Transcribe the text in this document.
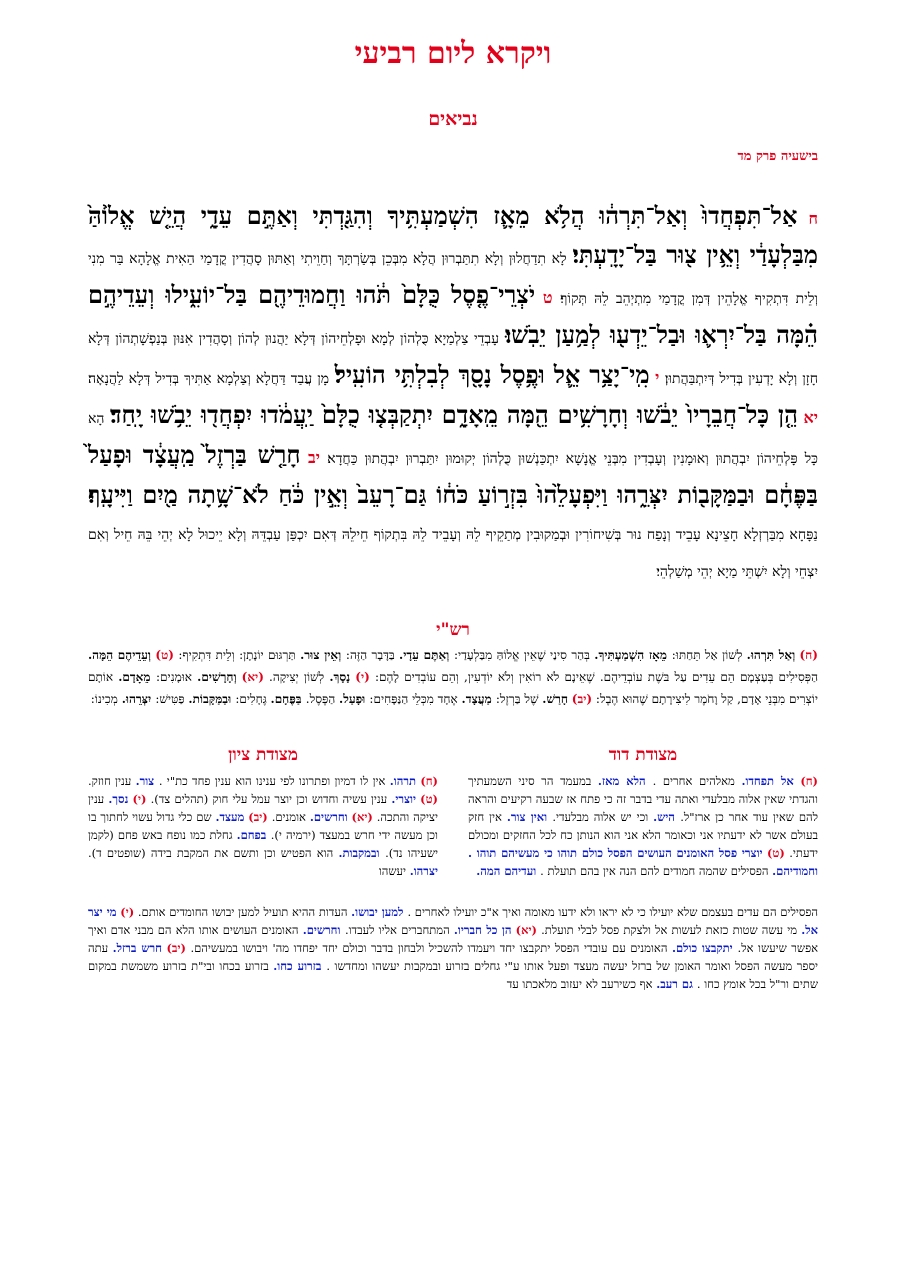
ויקרא ליום רביעי
נביאים
בישעיה פרק מד
ח אַל־תִּפְחֲדוּ֙ וְאַל־תִּרְה֔וּ הֲלֹ֥א מֵאָ֛ז הִשְׁמַעְתִּ֥יךָ וְהִגַּ֖דְתִּי וְאַתֶּ֣ם עֵדָ֑י הֲיֵ֤שׁ אֱל֙וֹהַּ֙ מִבַּלְעָדַ֔י וְאֵ֥ין צ֖וּר בַּל־יָדָֽעְתִּי׃ לָא תִדַחֲלוּן וְלָא תִתַּבְרוּן הֲלָא מִבְּכֵן בְּשַׂרְתָּךְ וְחַוֵיתִי וְאַתּוּן סָהֲדִין קֳדָמַי הַאִית אֱלָהָא בַּר מִנִי וְלֵית דִּתְקִיף אֱלָהֵין דְּמִן קֳדָמַי מִתְיְהֵב לֵהּ תְּקוֹף׃ ט יֹצְרֵי־פֶ֤סֶל כֻּלָּם֙ תֹּ֔הוּ וַחֲמוּדֵיהֶ֖ם בַּל־יוֹעִ֑ילוּ וְעֵדֵיהֶ֣ם הֵ֗מָּה בַּל־יִרְא֛וּ וּבַל־יֵדְע֖וּ לְמַ֥עַן יֵבֹֽשׁוּ׃ עָבְדֵי צַלְמַיָא כֻּלְהוֹן לְמָא וּפָלְחֵיהוֹן דְּלָא יַהֲנוּן לְהוֹן וְסָהֲדִין אִנּוּן בְּנַפְשָׁתְהוֹן דְּלָא חָזָן וְלָא יָדְעִין בְּדִיל דְּיִתְבַּהֲתוּן׃ י מִֽי־יָצַ֥ר אֵ֛ל וּפֶ֥סֶל נָסָ֖ךְ לְבִלְתִּ֥י הוֹעִֽיל׃ מָן עֲבַד דַּחֲלָא וְצַלְמָא אַתִּיךְ בְּדִיל דְּלָא לַהֲנָאָה׃ יא הֵ֤ן כָּל־חֲבֵרָיו֙ יֵבֹ֔שׁוּ וְחָרָשִׁ֥ים הֵ֖מָּה מֵֽאָדָ֑ם יִתְקַבְּצ֤וּ כֻלָּם֙ יַֽעֲמֹ֔דוּ יִפְחֲד֖וּ יֵבֹ֥שׁוּ יָֽחַד׃ הָא כָּל פָּלְחֵיהוֹן יִבְהֲתוּן וְאוּמָנִין וְעָבְדִין מִבְּנֵי אֱנָשָׁא יִתְכַּנְשׁוּן כֻּלְהוֹן יְקוּמוּן יִתַּבְרוּן יִבְהֲתוּן כַּחֲדָא׃ יב חָרַ֤שׁ בַּרְזֶל֙ מַֽעֲצָ֔ד וּפָעַל֙ בַּפֶּחָ֔ם וּבַמַּקָּב֖וֹת יִצְּרֵ֑הוּ וַיִּפְעָלֵ֙הוּ֙ בִּזְר֣וֹעַ כֹּח֔וֹ גַּם־רָעֵב֙ וְאֵ֣ין כֹּ֔חַ לֹא־שָׁ֥תָה מַ֖יִם וַיִּיעָֽף׃ נַפָּחָא מִבַּרְזְלָא חָצֵינָא עָבֵיד וְנָפַח נוּר בְּשִׁיחוֹרִין וּבְמַקוּבִין מְתַקֵיף לֵהּ וְעָבֵיד לֵהּ בִּתְקוֹף חֵילֵהּ דְּאִם יִכְפַּן עַבְדֵּהּ וְלָא יֵיכוּל לָא יְהֵי בֵּהּ חֵיל וְאִם יִצְחֵי וְלָא יִשְׁתֵּי מַיָא יְהֵי מְשַׁלְהֵי׃
רש"י
(ח) וְאַל תִּרְהוּ. לְשׁוֹן אַל תֵּחַתּוּ: מֵאָז הִשְׁמַעְתִּיךָ. בְּהַר סִינַי שֶׁאֵין אֱלוֹהַּ מִבַּלְעָדַי: וְאַתֶּם עֵדָי. בַּדָּבָר הַזֶּה: וְאֵין צוּר. תַּרְגּוּם יוֹנָתָן: וְלֵית דִּתְקִיף: (ט) וְעֵדֵיהֶם הֵמָּה. הַפְּסִילִים בְּעַצְמָם הֵם עֵדִים עַל בּשֶׁת עוֹבְדֵיהֶם. שֶׁאֵינָם לֹא רוֹאִין וְלֹא יוֹדְעִין, וְהֵם עוֹבְדִים לָהֶם: (י) נָסָךְ. לְשׁוֹן יְצִיקָה. (יא) וְחָרָשִׁים. אוּמָנִים: מֵאָדָם. אוֹתָם יוֹצְרִים מִבְּנֵי אָדָם, קַל וָחֹמֶר לִיצִירָתָם שֶׁהוּא הֶבֶל: (יב) חָרַשׁ. שֶׁל בַּרְזֶל: מַעֲצָד. אֶחָד מִכְּלֵי הַנַּפָּחִים: וּפָעַל. הַפֶּסֶל. בַּפֶּחָם. גֶּחָלִים: וּבַמַּקָּבוֹת. פַּטִּישׁ: יִצְּרֵהוּ. מְכִינוֹ:
מצודת דוד
מצודת ציון
(ח) אל תפחדו. מאלהים אחרים . הלא מאז. במעמד הר סיני השמעתיך והגדתי שאין אלוה מבלעדי ואתה עדי בדבר זה כי פתח אז שבעה רקיעים והראה להם שאין עוד אחר כן ארז"ל. היש. וכי יש אלוה מבלעדי. ואין צור. אין חזק בעולם אשר לא ידעתיו אני וכאומר הלא אני הוא הנותן כח לכל החזקים ומכולם ידעתי. (ט) יוצרי פסל האומנים העושים הפסל כולם תוהו כי מעשיהם תוהו . וחמודיהם. הפסילים שהמה חמודים להם הנה אין בהם תועלת . ועדיהם המה.
(ח) תרהו. אין לו דמיון ופתרונו לפי ענינו הוא ענין פחד כת"י . צור. ענין חוזק. (ט) יוצרי. ענין עשיה וחדוש וכן יוצר עמל עלי חוק (תהלים צד). (י) נסך. ענין יציקה והתכה. (יא) וחרשים. אומנים. (יב) מעצד. שם כלי גדול עשוי לחתוך בו וכן מעשה ידי חרש במעצד (ירמיה י). בפחם. גחלת כמו נופח באש פחם (לקמן ישעיהו נד). ובמקבות. הוא הפטיש וכן ותשם את המקבת בידה (שופטים ד). יצרהו. יעשהו
הפסילים הם עדים בעצמם שלא יועילו כי לא יראו ולא ידעו מאומה ואיך א"כ יועילו לאחרים . למען יבושו. העדות ההיא תועיל למען יבושו החומדים אותם. (י) מי יצר אל. מי עשה שטות כזאת לעשות אל ולצקת פסל לבלי תועלת. (יא) הן כל חבריו. המתחברים אליו לעבדו. וחרשים. האומנים העושים אותו הלא הם מבני אדם ואיך אפשר שיעשו אל. יתקבצו כולם. האומנים עם עובדי הפסל יתקבצו יחד ויעמדו להשכיל ולבחון בדבר וכולם יחד יפחדו מה' ויבושו במעשיהם. (יב) חרש ברזל. עתה יספר מעשה הפסל ואומר האומן של ברזל יעשה מעצד ופעל אותו ע"י גחלים בזרוע ובמקבות יעשהו ומחדשו . בזרוע כחו. בזרוע בכחו ובי"ת בזרוע משמשת במקום שתים ור"ל בכל אומץ כחו . גם רעב. אף כשירעב לא יעזוב מלאכתו עד
